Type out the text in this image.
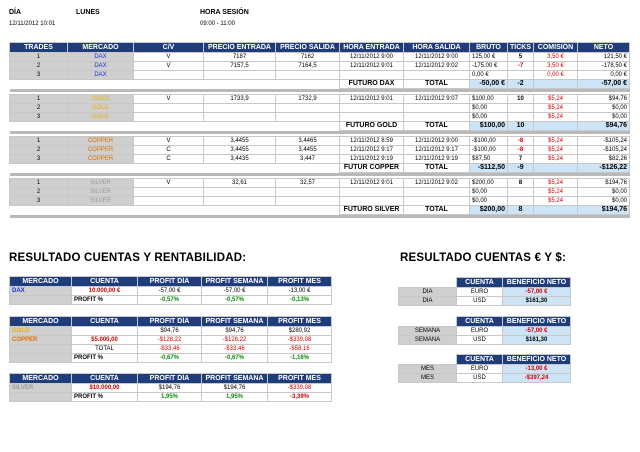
DÍA	LUNES
12/11/2012 10:01
HORA SESIÓN
09:00 - 11:00
TRADES	MERCADO	C/V	PRECIO ENTRADA	PRECIO SALIDA	HORA ENTRADA	HORA SALIDA	BRUTO	TICKS	COMISIÓN	NETO
1	DAX	V	7187	7162	12/11/2012 9:00	12/11/2012 9:00	125,00 €	5	3,50 €	121,50 €
2	DAX	V	7157,5	7164,5	12/11/2012 9:01	12/11/2012 9:02	-175,00 €	-7	3,50 €	-178,50 €
3	DAX						0,00 €		0,00 €	0,00 €
					FUTURO DAX	TOTAL	-50,00 €	-2		-57,00 €

1	GOLD	V	1733,9	1732,9	12/11/2012 9:01	12/11/2012 9:07	$100,00	10	$5,24	$94,76
2	GOLD						$0,00		$5,24	$0,00
3	GOLD						$0,00		$5,24	$0,00
					FUTURO GOLD	TOTAL	$100,00	10		$94,76

1	COPPER	V	3,4455	3,4465	12/11/2012 8:59	12/11/2012 9:00	-$100,00	-8	$5,24	-$105,24
2	COPPER	C	3,4455	3,4455	12/11/2012 9:17	12/11/2012 9:17	-$100,00	-8	$5,24	-$105,24
3	COPPER	C	3,4435	3,447	12/11/2012 9:19	12/11/2012 9:19	$87,50	7	$5,24	$82,26
					FUTUR COPPER	TOTAL	-$112,50	-9		-$126,22

1	SILVER	V	32,61	32,57	12/11/2012 9:01	12/11/2012 9:02	$200,00	8	$5,24	$194,76
2	SILVER						$0,00		$5,24	$0,00
3	SILVER						$0,00		$5,24	$0,00
					FUTURO SILVER	TOTAL	$200,00	8		$194,76

RESULTADO CUENTAS Y RENTABILIDAD:
MERCADO	CUENTA	PROFIT DÍA	PROFIT SEMANA	PROFIT MES
DAX	10.000,00 €	-57,00 €	-57,00 €	-13,00 €
	PROFIT %	-0,57%	-0,57%	-0,13%
MERCADO	CUENTA	PROFIT DÍA	PROFIT SEMANA	PROFIT MES
GOLD		$94,76	$94,76	$280,92
COPPER	$5.000,00	-$128,22	-$128,22	-$339,08
	TOTAL	-$33,46	-$33,46	-$58,16
	PROFIT %	-0,67%	-0,67%	-1,16%
MERCADO	CUENTA	PROFIT DÍA	PROFIT SEMANA	PROFIT MES
SILVER	$10.000,00	$194,76	$194,76	-$339,08
	PROFIT %	1,95%	1,95%	-3,39%
RESULTADO CUENTAS € Y $:
	CUENTA	BENEFICIO NETO
DÍA	EURO	-57,00 €
DÍA	USD	$161,30
	CUENTA	BENEFICIO NETO
SEMANA	EURO	-57,00 €
SEMANA	USD	$161,30
	CUENTA	BENEFICIO NETO
MES	EURO	-13,00 €
MES	USD	-$397,24
